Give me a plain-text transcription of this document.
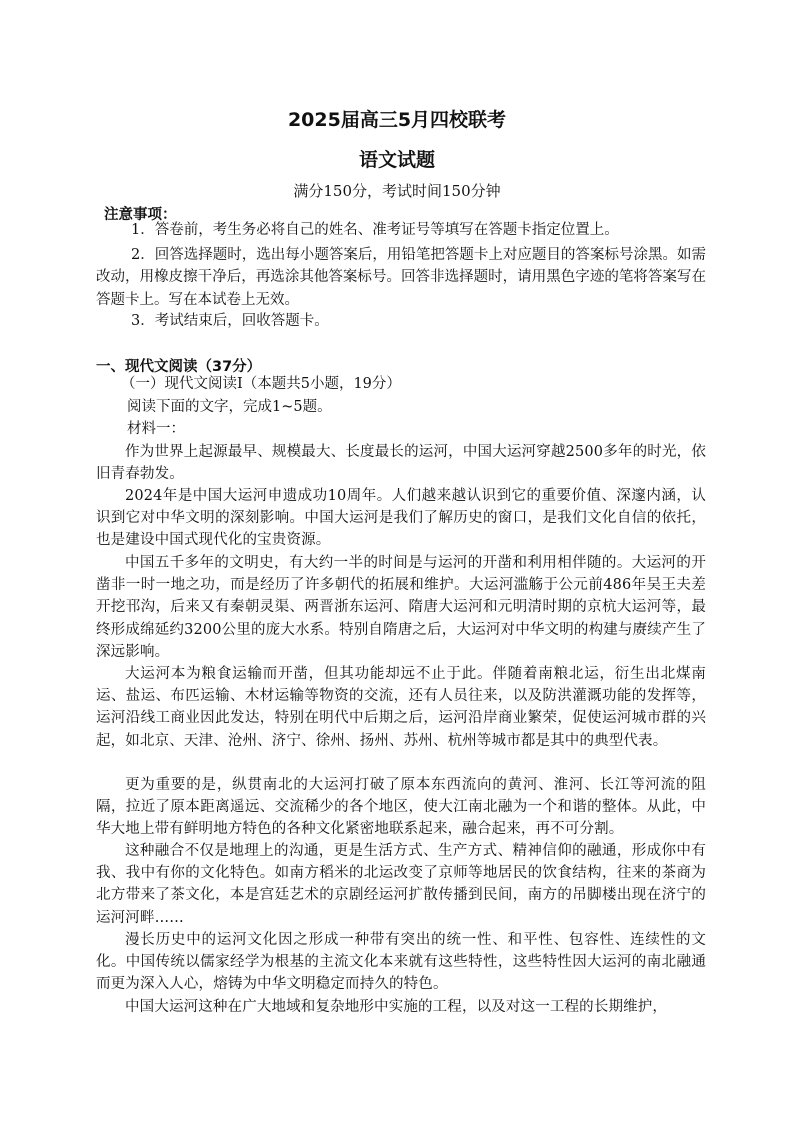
2025届高三5月四校联考
语文试题
满分150分，考试时间150分钟
注意事项：
1．答卷前，考生务必将自己的姓名、准考证号等填写在答题卡指定位置上。
2．回答选择题时，选出每小题答案后，用铅笔把答题卡上对应题目的答案标号涂黑。如需改动，用橡皮擦干净后，再选涂其他答案标号。回答非选择题时，请用黑色字迹的笔将答案写在答题卡上。写在本试卷上无效。
3．考试结束后，回收答题卡。
一、现代文阅读（37分）
（一）现代文阅读Ⅰ（本题共5小题，19分）
阅读下面的文字，完成1~5题。
材料一：
作为世界上起源最早、规模最大、长度最长的运河，中国大运河穿越2500多年的时光，依旧青春勃发。
2024年是中国大运河申遗成功10周年。人们越来越认识到它的重要价值、深邃内涵，认识到它对中华文明的深刻影响。中国大运河是我们了解历史的窗口，是我们文化自信的依托，也是建设中国式现代化的宝贵资源。
中国五千多年的文明史，有大约一半的时间是与运河的开凿和利用相伴随的。大运河的开凿非一时一地之功，而是经历了许多朝代的拓展和维护。大运河滥觞于公元前486年吴王夫差开挖邗沟，后来又有秦朝灵渠、两晋浙东运河、隋唐大运河和元明清时期的京杭大运河等，最终形成绵延约3200公里的庞大水系。特别自隋唐之后，大运河对中华文明的构建与赓续产生了深远影响。
大运河本为粮食运输而开凿，但其功能却远不止于此。伴随着南粮北运，衍生出北煤南运、盐运、布匹运输、木材运输等物资的交流，还有人员往来，以及防洪灌溉功能的发挥等，运河沿线工商业因此发达，特别在明代中后期之后，运河沿岸商业繁荣，促使运河城市群的兴起，如北京、天津、沧州、济宁、徐州、扬州、苏州、杭州等城市都是其中的典型代表。
更为重要的是，纵贯南北的大运河打破了原本东西流向的黄河、淮河、长江等河流的阻隔，拉近了原本距离遥远、交流稀少的各个地区，使大江南北融为一个和谐的整体。从此，中华大地上带有鲜明地方特色的各种文化紧密地联系起来，融合起来，再不可分割。
这种融合不仅是地理上的沟通，更是生活方式、生产方式、精神信仰的融通，形成你中有我、我中有你的文化特色。如南方稻米的北运改变了京师等地居民的饮食结构，往来的茶商为北方带来了茶文化，本是宫廷艺术的京剧经运河扩散传播到民间，南方的吊脚楼出现在济宁的运河河畔……
漫长历史中的运河文化因之形成一种带有突出的统一性、和平性、包容性、连续性的文化。中国传统以儒家经学为根基的主流文化本来就有这些特性，这些特性因大运河的南北融通而更为深入人心，熔铸为中华文明稳定而持久的特色。
中国大运河这种在广大地域和复杂地形中实施的工程，以及对这一工程的长期维护，
